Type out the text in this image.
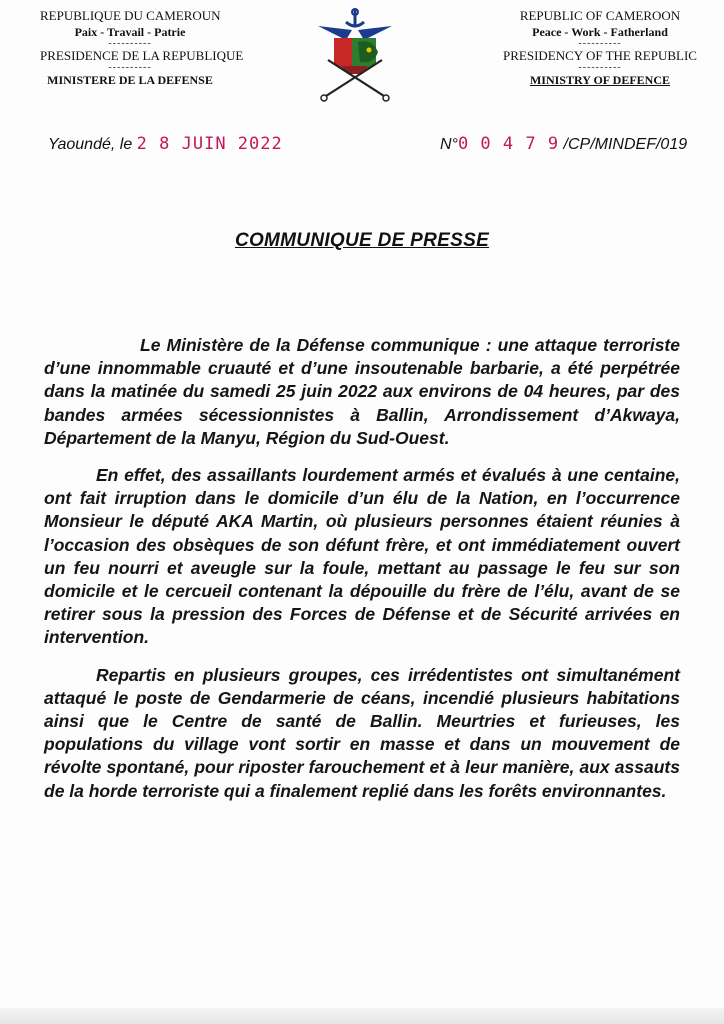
REPUBLIQUE DU CAMEROUN
Paix - Travail - Patrie
----------
PRESIDENCE DE LA REPUBLIQUE
----------
MINISTERE DE LA DEFENSE
REPUBLIC OF CAMEROON
Peace - Work - Fatherland
----------
PRESIDENCY OF THE REPUBLIC
----------
MINISTRY OF DEFENCE
Yaoundé, le 2 8 JUIN 2022	N°0 0 4 7 9 /CP/MINDEF/019
COMMUNIQUE DE PRESSE

Le Ministère de la Défense communique : une attaque terroriste d’une innommable cruauté et d’une insoutenable barbarie, a été perpétrée dans la matinée du samedi 25 juin 2022 aux environs de 04 heures, par des bandes armées sécessionnistes à Ballin, Arrondissement d’Akwaya, Département de la Manyu, Région du Sud-Ouest.

En effet, des assaillants lourdement armés et évalués à une centaine, ont fait irruption dans le domicile d’un élu de la Nation, en l’occurrence Monsieur le député AKA Martin, où plusieurs personnes étaient réunies à l’occasion des obsèques de son défunt frère, et ont immédiatement ouvert un feu nourri et aveugle sur la foule, mettant au passage le feu sur son domicile et le cercueil contenant la dépouille du frère de l’élu, avant de se retirer sous la pression des Forces de Défense et de Sécurité arrivées en intervention.

Repartis en plusieurs groupes, ces irrédentistes ont simultanément attaqué le poste de Gendarmerie de céans, incendié plusieurs habitations ainsi que le Centre de santé de Ballin. Meurtries et furieuses, les populations du village vont sortir en masse et dans un mouvement de révolte spontané, pour riposter farouchement et à leur manière, aux assauts de la horde terroriste qui a finalement replié dans les forêts environnantes.
